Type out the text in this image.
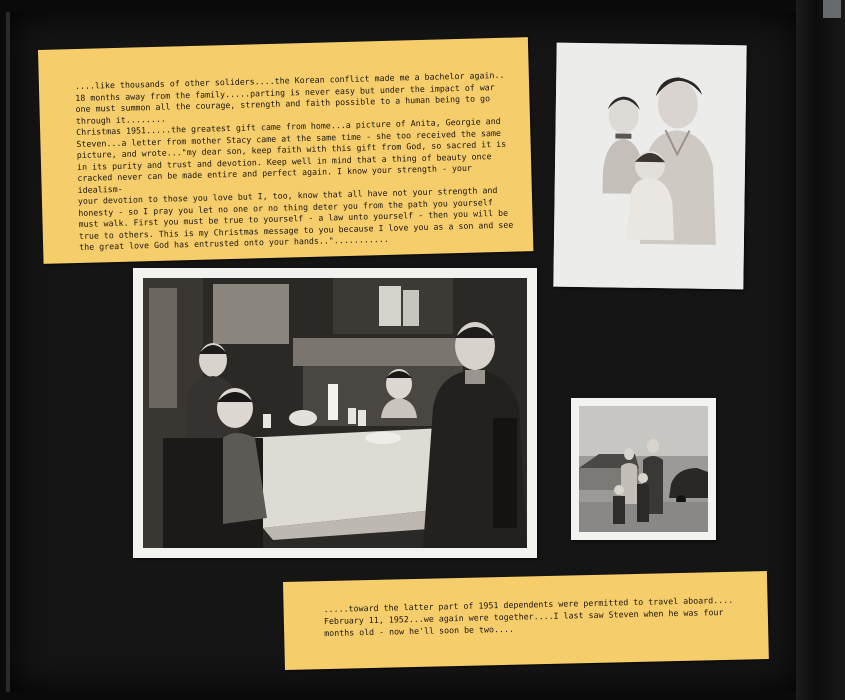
....like thousands of other soliders....the Korean conflict made me a bachelor again..
18 months away from the family.....parting is never easy but under the impact of war
one must summon all the courage, strength and faith possible to a human being to go
through it........
Christmas 1951.....the greatest gift came from home...a picture of Anita, Georgie and
Steven...a letter from mother Stacy came at the same time - she too received the same
picture, and wrote..."my dear son, keep faith with this gift from God, so sacred it is
in its purity and trust and devotion. Keep well in mind that a thing of beauty once
cracked never can be made entire and perfect again. I know your strength - your idealism-
your devotion to those you love but I, too, know that all have not your strength and
honesty - so I pray you let no one or no thing deter you from the path you yourself
must walk. First you must be true to yourself - a law unto yourself - then you will be
true to others. This is my Christmas message to you because I love you as a son and see
the great love God has entrusted onto your hands.."...........
.....toward the latter part of 1951 dependents were permitted to travel aboard....
February 11, 1952...we again were together....I last saw Steven when he was four
months old - now he'll soon be two....
